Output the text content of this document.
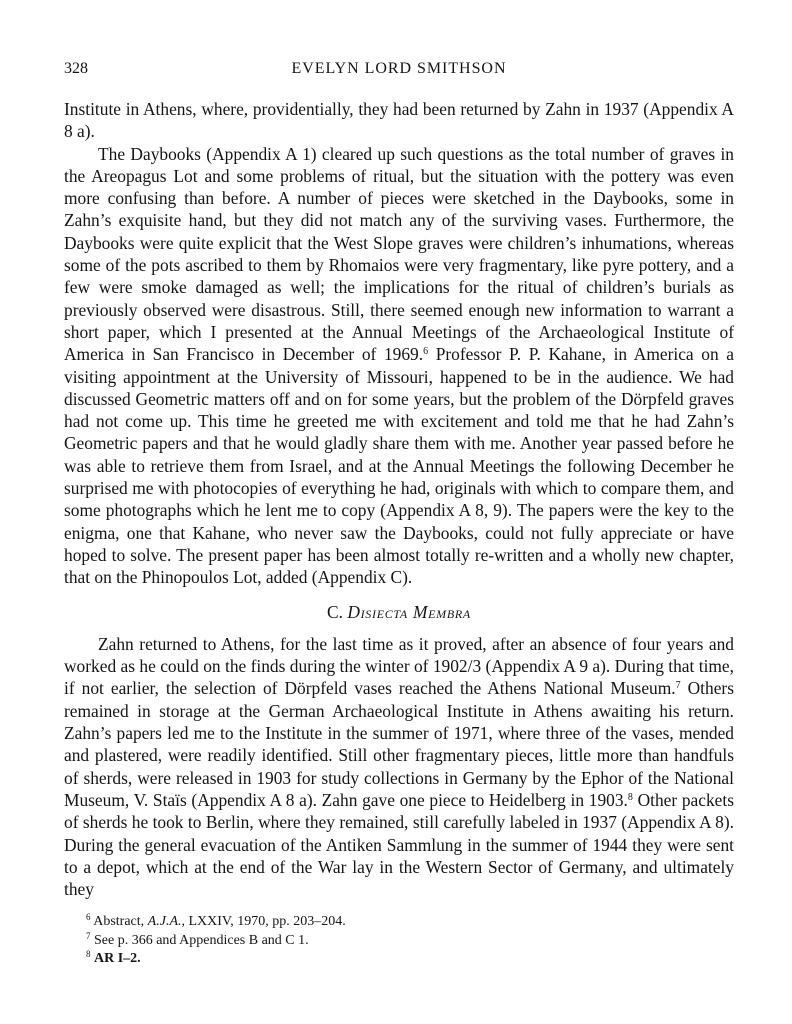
328	EVELYN LORD SMITHSON

Institute in Athens, where, providentially, they had been returned by Zahn in 1937 (Appendix A 8 a).

The Daybooks (Appendix A 1) cleared up such questions as the total number of graves in the Areopagus Lot and some problems of ritual, but the situation with the pottery was even more confusing than before. A number of pieces were sketched in the Daybooks, some in Zahn’s exquisite hand, but they did not match any of the surviving vases. Furthermore, the Daybooks were quite explicit that the West Slope graves were children’s inhumations, whereas some of the pots ascribed to them by Rhomaios were very fragmentary, like pyre pottery, and a few were smoke damaged as well; the implications for the ritual of children’s burials as previously observed were disastrous. Still, there seemed enough new information to warrant a short paper, which I presented at the Annual Meetings of the Archaeological Institute of America in San Francisco in December of 1969.$^6$ Professor P. P. Kahane, in America on a visiting appointment at the University of Missouri, happened to be in the audience. We had discussed Geometric matters off and on for some years, but the problem of the Dörpfeld graves had not come up. This time he greeted me with excitement and told me that he had Zahn’s Geometric papers and that he would gladly share them with me. Another year passed before he was able to retrieve them from Israel, and at the Annual Meetings the following December he surprised me with photocopies of everything he had, originals with which to compare them, and some photographs which he lent me to copy (Appendix A 8, 9). The papers were the key to the enigma, one that Kahane, who never saw the Daybooks, could not fully appreciate or have hoped to solve. The present paper has been almost totally re-written and a wholly new chapter, that on the Phinopoulos Lot, added (Appendix C).

C. Disiecta Membra

Zahn returned to Athens, for the last time as it proved, after an absence of four years and worked as he could on the finds during the winter of 1902/3 (Appendix A 9 a). During that time, if not earlier, the selection of Dörpfeld vases reached the Athens National Museum.$^7$ Others remained in storage at the German Archaeological Institute in Athens awaiting his return. Zahn’s papers led me to the Institute in the summer of 1971, where three of the vases, mended and plastered, were readily identified. Still other fragmentary pieces, little more than handfuls of sherds, were released in 1903 for study collections in Germany by the Ephor of the National Museum, V. Staïs (Appendix A 8 a). Zahn gave one piece to Heidelberg in 1903.$^8$ Other packets of sherds he took to Berlin, where they remained, still carefully labeled in 1937 (Appendix A 8). During the general evacuation of the Antiken Sammlung in the summer of 1944 they were sent to a depot, which at the end of the War lay in the Western Sector of Germany, and ultimately they

$^6$ Abstract, A.J.A., LXXIV, 1970, pp. 203–204.
$^7$ See p. 366 and Appendices B and C 1.
$^8$ AR I–2.
